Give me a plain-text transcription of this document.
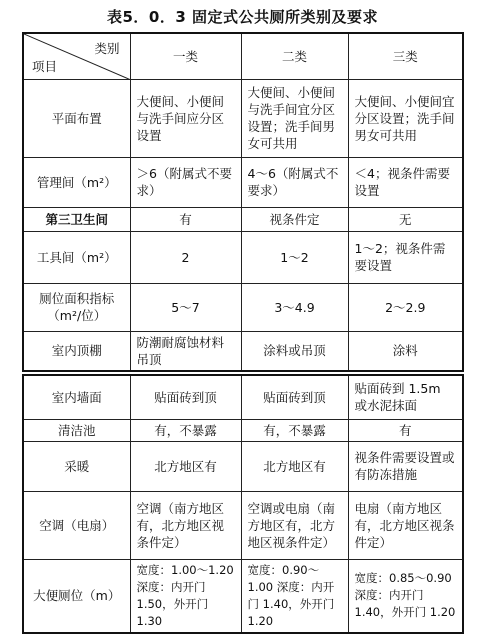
表5．0．3 固定式公共厕所类别及要求
类别
项目	一类	二类	三类
平面布置	大便间、小便间与洗手间应分区设置	大便间、小便间与洗手间宜分区设置；洗手间男女可共用	大便间、小便间宜分区设置；洗手间男女可共用
管理间（m²）	＞6（附属式不要求）	4～6（附属式不要求）	＜4；视条件需要设置
第三卫生间	有	视条件定	无
工具间（m²）	2	1～2	1～2；视条件需要设置
厕位面积指标（m²/位）	5～7	3～4.9	2～2.9
室内顶棚	防潮耐腐蚀材料吊顶	涂料或吊顶	涂料
室内墙面	贴面砖到顶	贴面砖到顶	贴面砖到 1.5m 或水泥抹面
清洁池	有，不暴露	有，不暴露	有
采暖	北方地区有	北方地区有	视条件需要设置或有防冻措施
空调（电扇）	空调（南方地区有，北方地区视条件定）	空调或电扇（南方地区有，北方地区视条件定）	电扇（南方地区有，北方地区视条件定）
大便厕位（m）	宽度：1.00～1.20 深度：内开门 1.50，外开门 1.30	宽度：0.90～1.00 深度：内开门 1.40，外开门 1.20	宽度：0.85～0.90 深度：内开门 1.40，外开门 1.20
